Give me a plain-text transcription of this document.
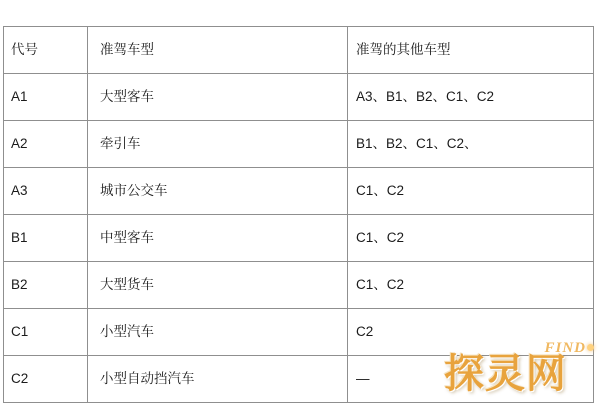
代号	准驾车型	准驾的其他车型
A1	大型客车	A3、B1、B2、C1、C2
A2	牵引车	B1、B2、C1、C2、
A3	城市公交车	C1、C2
B1	中型客车	C1、C2
B2	大型货车	C1、C2
C1	小型汽车	C2
C2	小型自动挡汽车	—
FIND
探灵网
